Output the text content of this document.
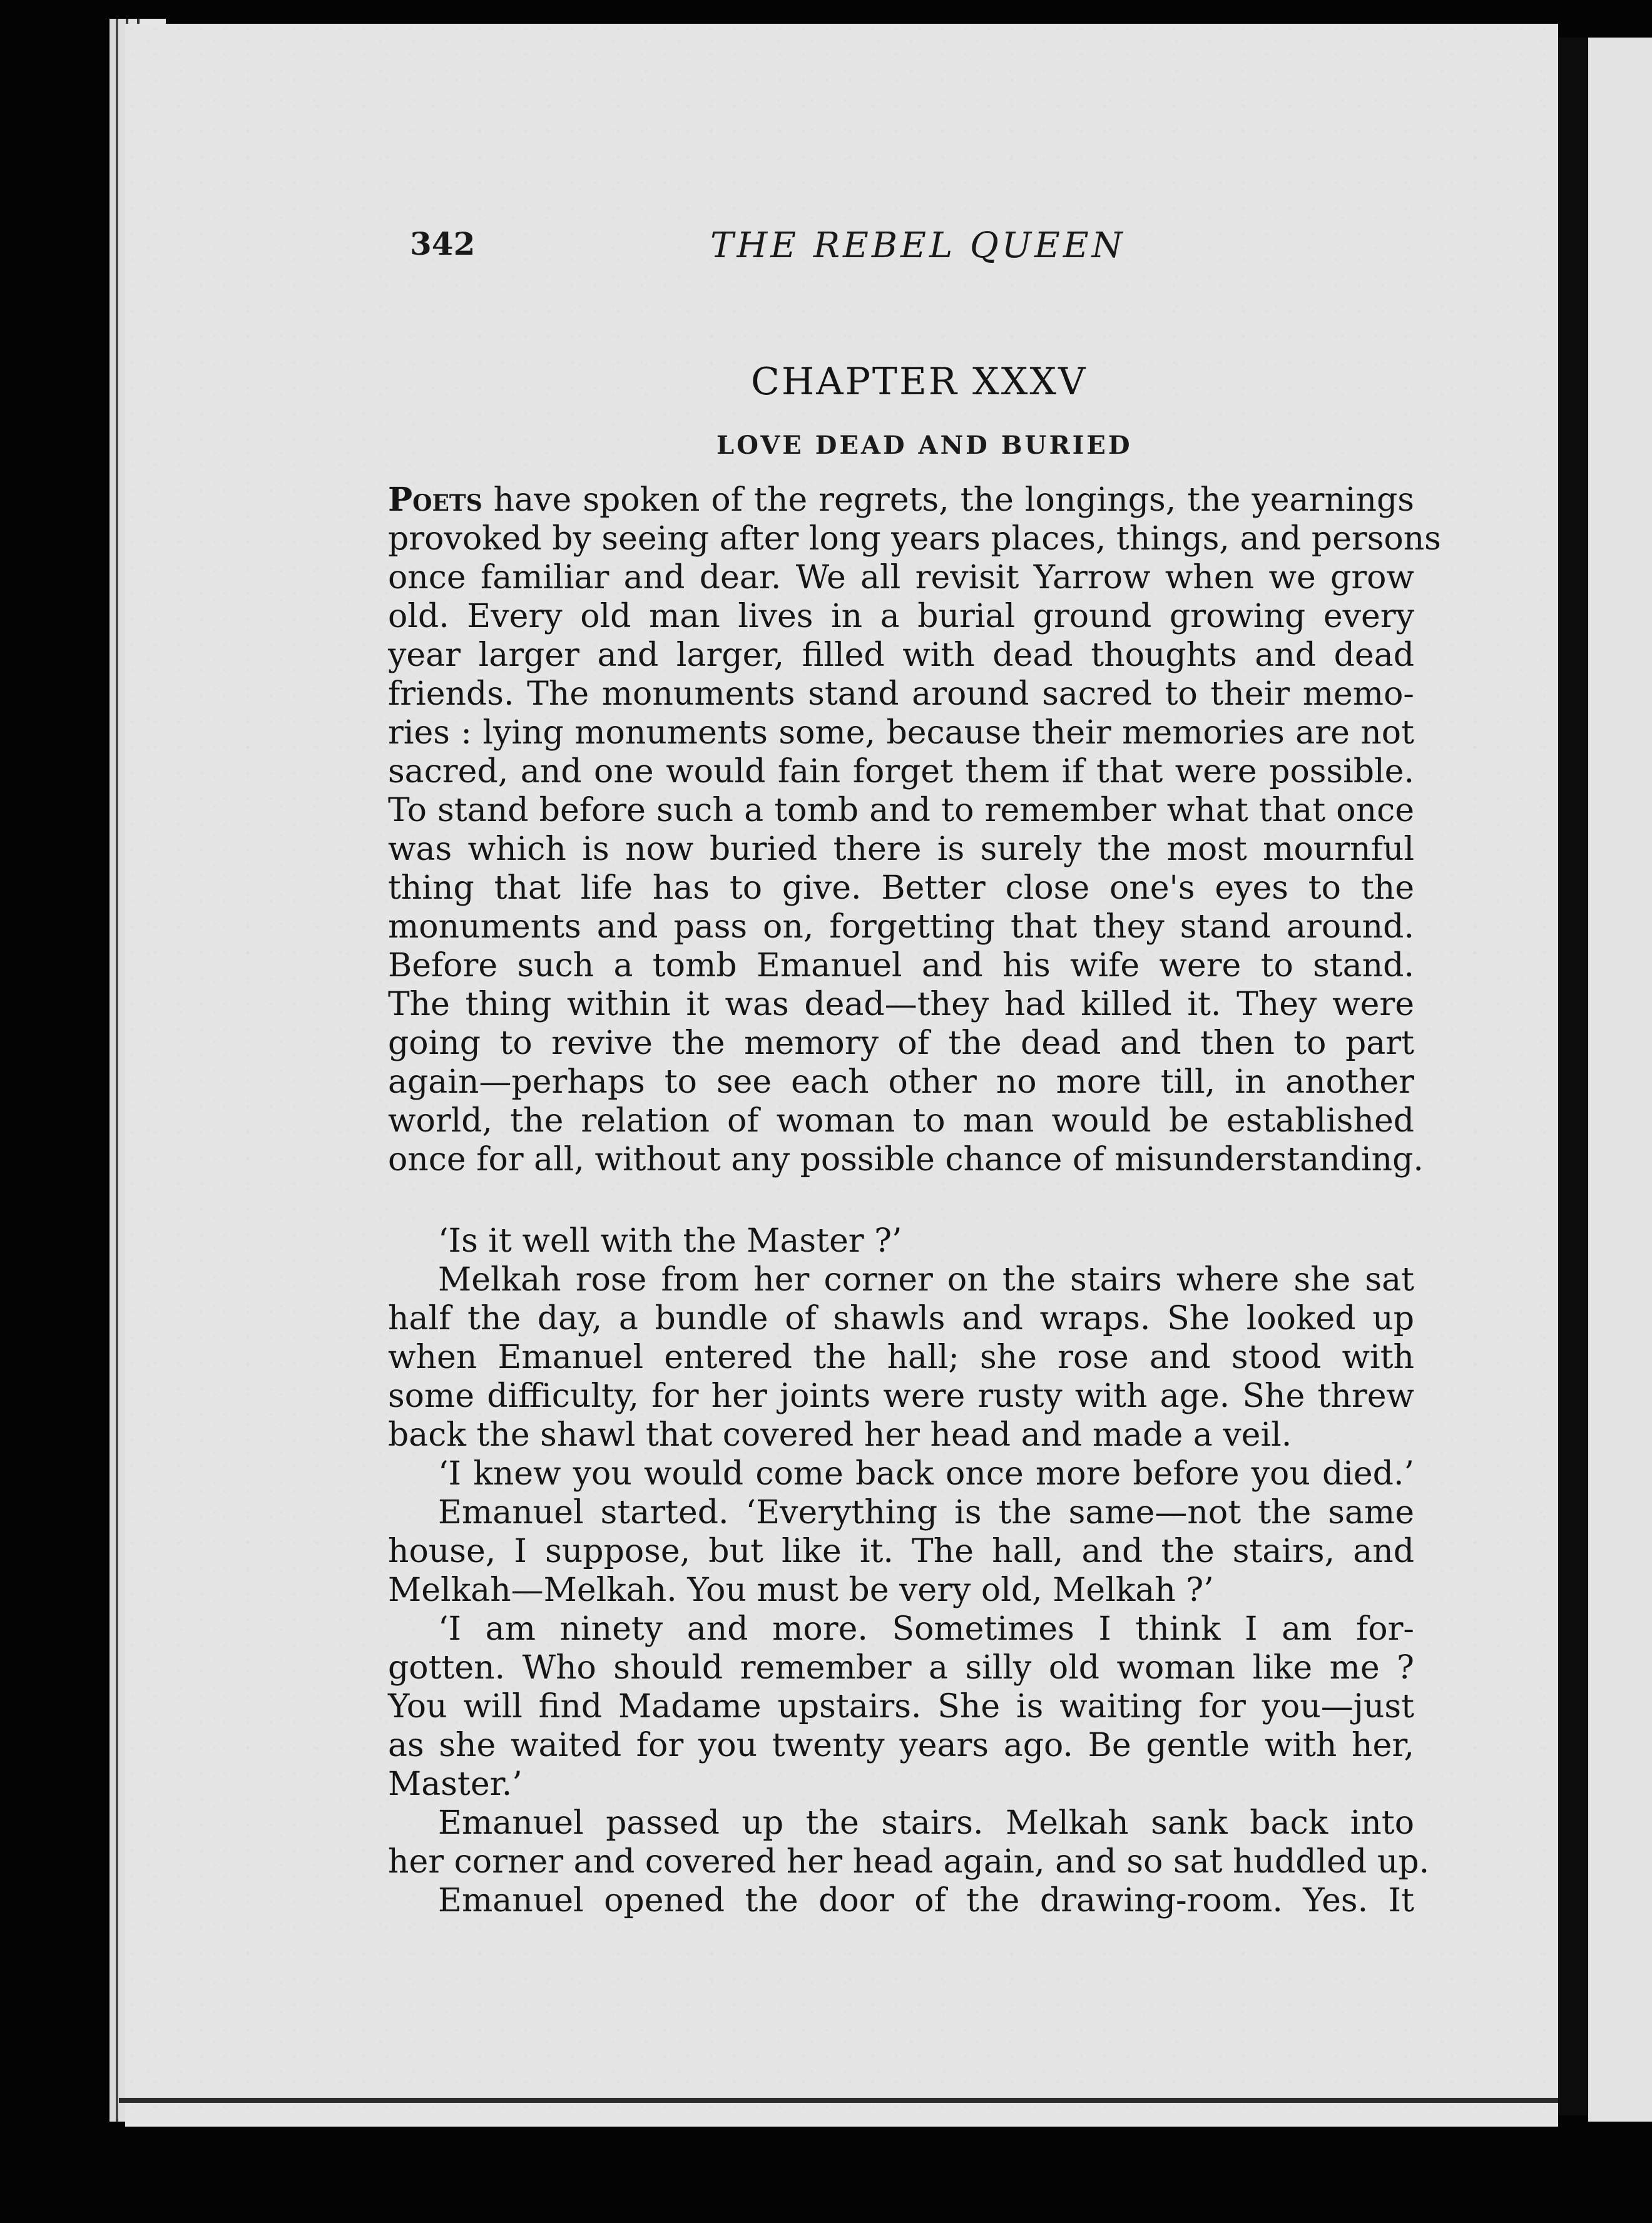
342	THE REBEL QUEEN
CHAPTER XXXV
LOVE DEAD AND BURIED
Poets have spoken of the regrets, the longings, the yearnings
provoked by seeing after long years places, things, and persons
once familiar and dear. We all revisit Yarrow when we grow
old. Every old man lives in a burial ground growing every
year larger and larger, filled with dead thoughts and dead
friends. The monuments stand around sacred to their memo-
ries : lying monuments some, because their memories are not
sacred, and one would fain forget them if that were possible.
To stand before such a tomb and to remember what that once
was which is now buried there is surely the most mournful
thing that life has to give. Better close one's eyes to the
monuments and pass on, forgetting that they stand around.
Before such a tomb Emanuel and his wife were to stand.
The thing within it was dead—they had killed it. They were
going to revive the memory of the dead and then to part
again—perhaps to see each other no more till, in another
world, the relation of woman to man would be established
once for all, without any possible chance of misunderstanding.
‘Is it well with the Master ?’
Melkah rose from her corner on the stairs where she sat
half the day, a bundle of shawls and wraps. She looked up
when Emanuel entered the hall; she rose and stood with
some difficulty, for her joints were rusty with age. She threw
back the shawl that covered her head and made a veil.
‘I knew you would come back once more before you died.’
Emanuel started. ‘Everything is the same—not the same
house, I suppose, but like it. The hall, and the stairs, and
Melkah—Melkah. You must be very old, Melkah ?’
‘I am ninety and more. Sometimes I think I am for-
gotten. Who should remember a silly old woman like me ?
You will find Madame upstairs. She is waiting for you—just
as she waited for you twenty years ago. Be gentle with her,
Master.’
Emanuel passed up the stairs. Melkah sank back into
her corner and covered her head again, and so sat huddled up.
Emanuel opened the door of the drawing-room. Yes. It
